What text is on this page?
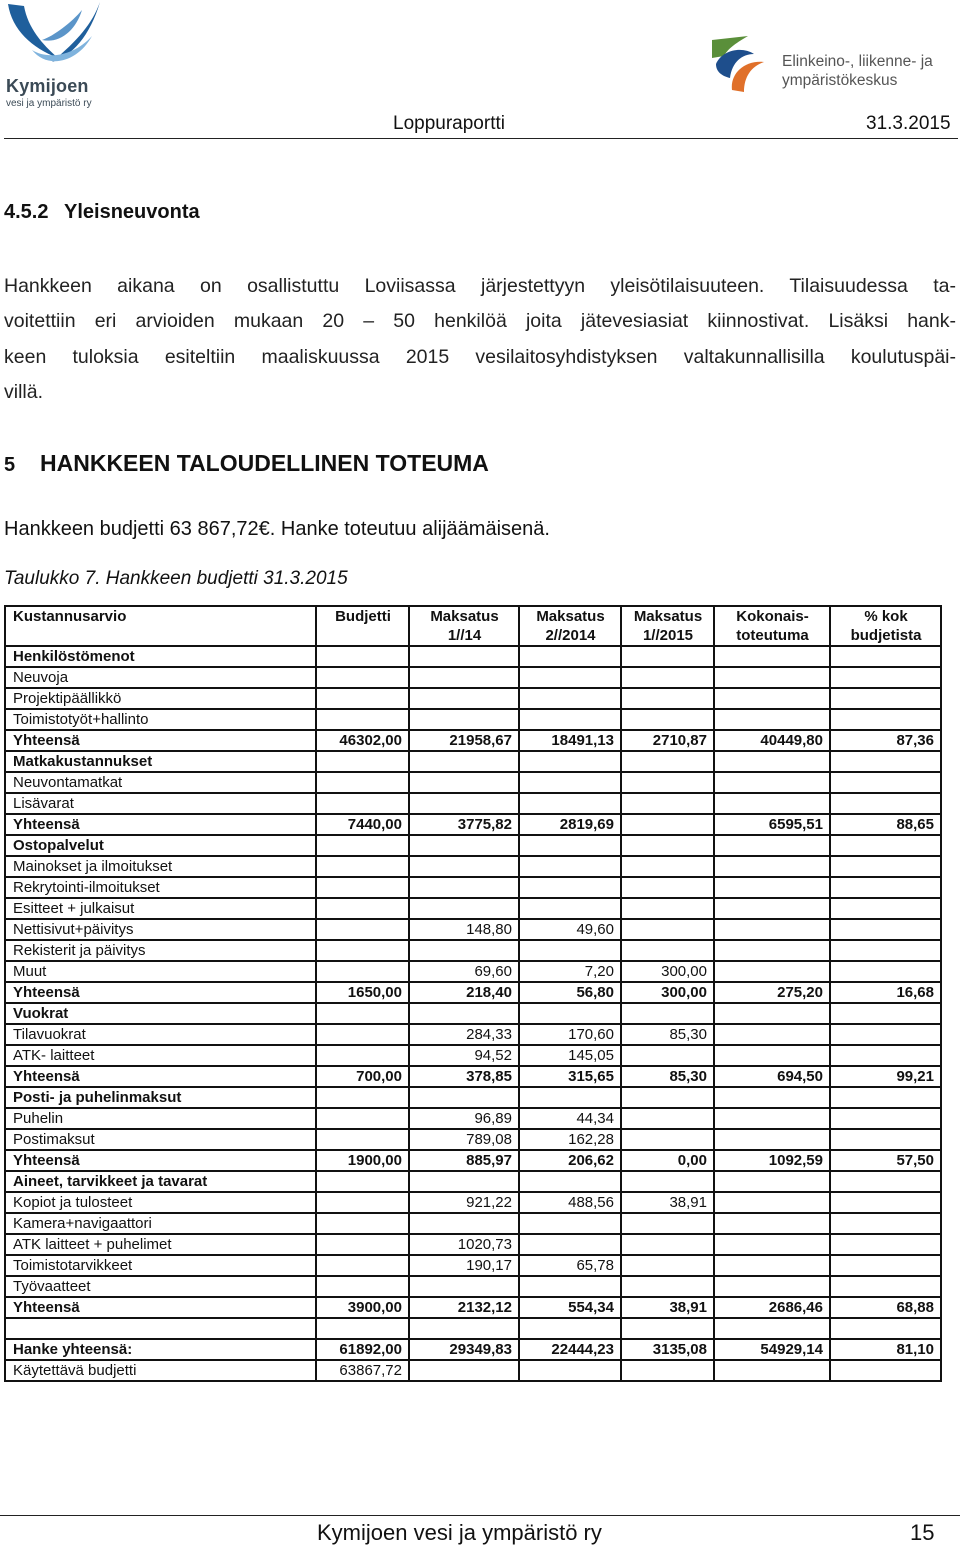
Kymijoen
vesi ja ympäristö ry
Elinkeino-, liikenne- ja
ympäristökeskus
Loppuraportti	31.3.2015
4.5.2 Yleisneuvonta
Hankkeen aikana on osallistuttu Loviisassa järjestettyyn yleisötilaisuuteen. Tilaisuudessa ta-
voitettiin eri arvioiden mukaan 20 – 50 henkilöä joita jätevesiasiat kiinnostivat. Lisäksi hank-
keen tuloksia esiteltiin maaliskuussa 2015 vesilaitosyhdistyksen valtakunnallisilla koulutuspäi-
villä.
5 HANKKEEN TALOUDELLINEN TOTEUMA
Hankkeen budjetti 63 867,72€. Hanke toteutuu alijäämäisenä.
Taulukko 7. Hankkeen budjetti 31.3.2015
Kustannusarvio	Budjetti	Maksatus	Maksatus	Maksatus	Kokonais-	% kok
		1//14	2//2014	1//2015	toteutuma	budjetista
Henkilöstömenot						
Neuvoja						
Projektipäällikkö						
Toimistotyöt+hallinto						
Yhteensä	46302,00	21958,67	18491,13	2710,87	40449,80	87,36
Matkakustannukset						
Neuvontamatkat						
Lisävarat						
Yhteensä	7440,00	3775,82	2819,69		6595,51	88,65
Ostopalvelut						
Mainokset ja ilmoitukset						
Rekrytointi-ilmoitukset						
Esitteet + julkaisut						
Nettisivut+päivitys		148,80	49,60			
Rekisterit ja päivitys						
Muut		69,60	7,20	300,00		
Yhteensä	1650,00	218,40	56,80	300,00	275,20	16,68
Vuokrat						
Tilavuokrat		284,33	170,60	85,30		
ATK- laitteet		94,52	145,05			
Yhteensä	700,00	378,85	315,65	85,30	694,50	99,21
Posti- ja puhelinmaksut						
Puhelin		96,89	44,34			
Postimaksut		789,08	162,28			
Yhteensä	1900,00	885,97	206,62	0,00	1092,59	57,50
Aineet, tarvikkeet ja tavarat						
Kopiot ja tulosteet		921,22	488,56	38,91		
Kamera+navigaattori						
ATK laitteet + puhelimet		1020,73				
Toimistotarvikkeet		190,17	65,78			
Työvaatteet						
Yhteensä	3900,00	2132,12	554,34	38,91	2686,46	68,88

Hanke yhteensä:	61892,00	29349,83	22444,23	3135,08	54929,14	81,10
Käytettävä budjetti	63867,72					
Kymijoen vesi ja ympäristö ry	15
